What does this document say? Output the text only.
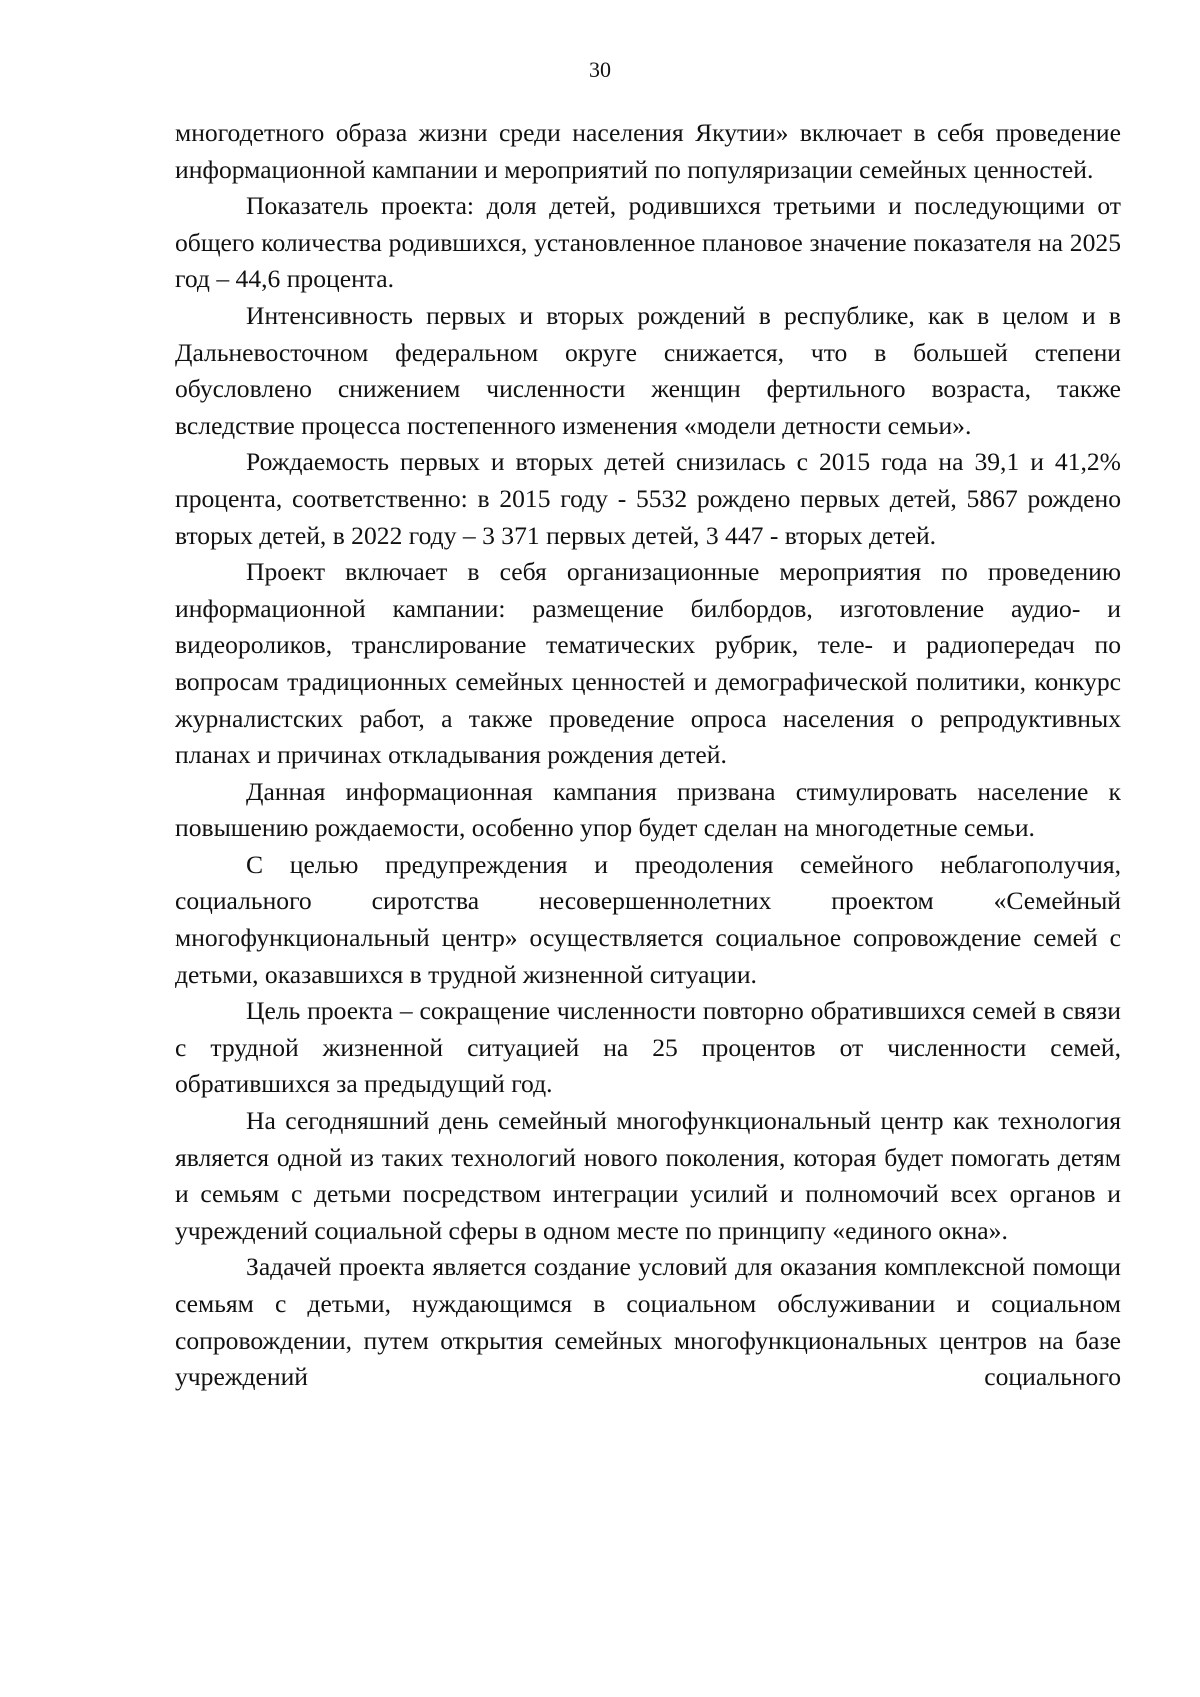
30

многодетного образа жизни среди населения Якутии» включает в себя проведение информационной кампании и мероприятий по популяризации семейных ценностей.

Показатель проекта: доля детей, родившихся третьими и последующими от общего количества родившихся, установленное плановое значение показателя на 2025 год – 44,6 процента.

Интенсивность первых и вторых рождений в республике, как в целом и в Дальневосточном федеральном округе снижается, что в большей степени обусловлено снижением численности женщин фертильного возраста, также вследствие процесса постепенного изменения «модели детности семьи».

Рождаемость первых и вторых детей снизилась с 2015 года на 39,1 и 41,2% процента, соответственно: в 2015 году - 5532 рождено первых детей, 5867 рождено вторых детей, в 2022 году – 3 371 первых детей, 3 447 - вторых детей.

Проект включает в себя организационные мероприятия по проведению информационной кампании: размещение билбордов, изготовление аудио- и видеороликов, транслирование тематических рубрик, теле- и радиопередач по вопросам традиционных семейных ценностей и демографической политики, конкурс журналистских работ, а также проведение опроса населения о репродуктивных планах и причинах откладывания рождения детей.

Данная информационная кампания призвана стимулировать население к повышению рождаемости, особенно упор будет сделан на многодетные семьи.

С целью предупреждения и преодоления семейного неблагополучия, социального сиротства несовершеннолетних проектом «Семейный многофункциональный центр» осуществляется социальное сопровождение семей с детьми, оказавшихся в трудной жизненной ситуации.

Цель проекта – сокращение численности повторно обратившихся семей в связи с трудной жизненной ситуацией на 25 процентов от численности семей, обратившихся за предыдущий год.

На сегодняшний день семейный многофункциональный центр как технология является одной из таких технологий нового поколения, которая будет помогать детям и семьям с детьми посредством интеграции усилий и полномочий всех органов и учреждений социальной сферы в одном месте по принципу «единого окна».

Задачей проекта является создание условий для оказания комплексной помощи семьям с детьми, нуждающимся в социальном обслуживании и социальном сопровождении, путем открытия семейных многофункциональных центров на базе учреждений социального
